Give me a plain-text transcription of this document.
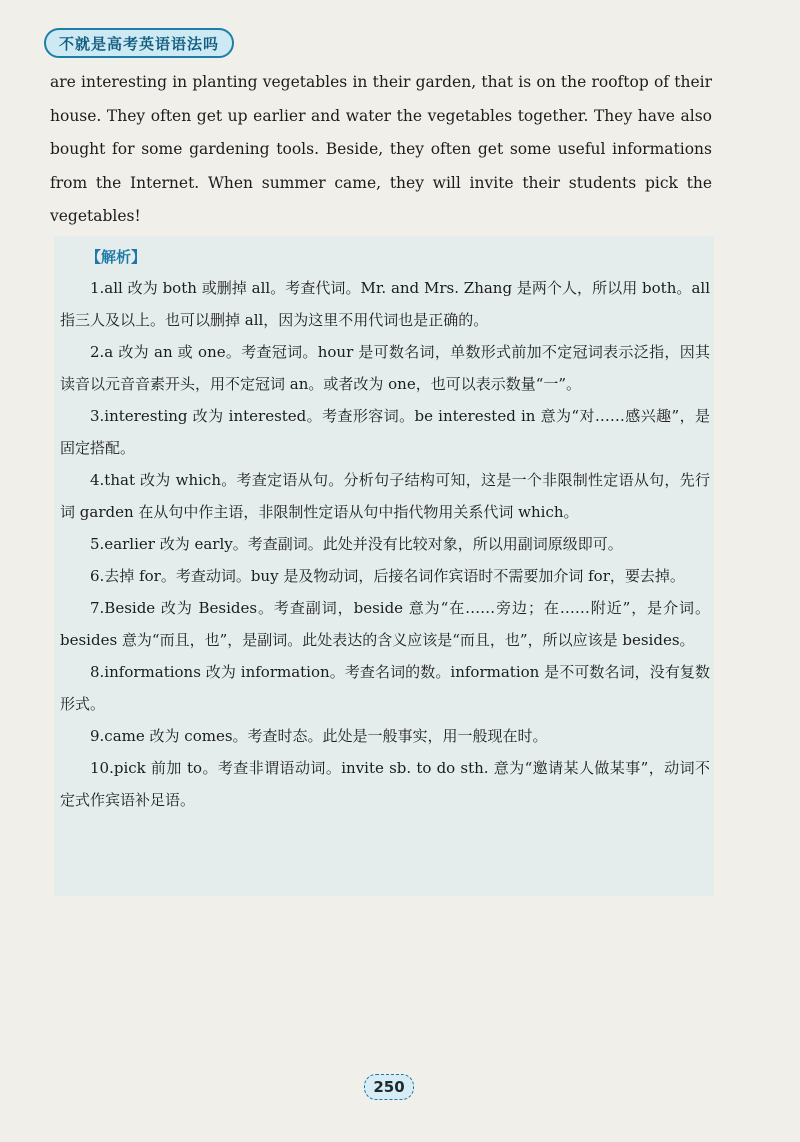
不就是高考英语语法吗

are interesting in planting vegetables in their garden, that is on the rooftop of their house. They often get up earlier and water the vegetables together. They have also bought for some gardening tools. Beside, they often get some useful informations from the Internet. When summer came, they will invite their students pick the vegetables!

【解析】

1.all 改为 both 或删掉 all。考查代词。Mr. and Mrs. Zhang 是两个人，所以用 both。all 指三人及以上。也可以删掉 all，因为这里不用代词也是正确的。

2.a 改为 an 或 one。考查冠词。hour 是可数名词，单数形式前加不定冠词表示泛指，因其读音以元音音素开头，用不定冠词 an。或者改为 one，也可以表示数量“一”。

3.interesting 改为 interested。考查形容词。be interested in 意为“对……感兴趣”，是固定搭配。

4.that 改为 which。考查定语从句。分析句子结构可知，这是一个非限制性定语从句，先行词 garden 在从句中作主语，非限制性定语从句中指代物用关系代词 which。

5.earlier 改为 early。考查副词。此处并没有比较对象，所以用副词原级即可。

6.去掉 for。考查动词。buy 是及物动词，后接名词作宾语时不需要加介词 for，要去掉。

7.Beside 改为 Besides。考查副词，beside 意为“在……旁边；在……附近”，是介词。besides 意为“而且，也”，是副词。此处表达的含义应该是“而且，也”，所以应该是 besides。

8.informations 改为 information。考查名词的数。information 是不可数名词，没有复数形式。

9.came 改为 comes。考查时态。此处是一般事实，用一般现在时。

10.pick 前加 to。考查非谓语动词。invite sb. to do sth. 意为“邀请某人做某事”，动词不定式作宾语补足语。

250
